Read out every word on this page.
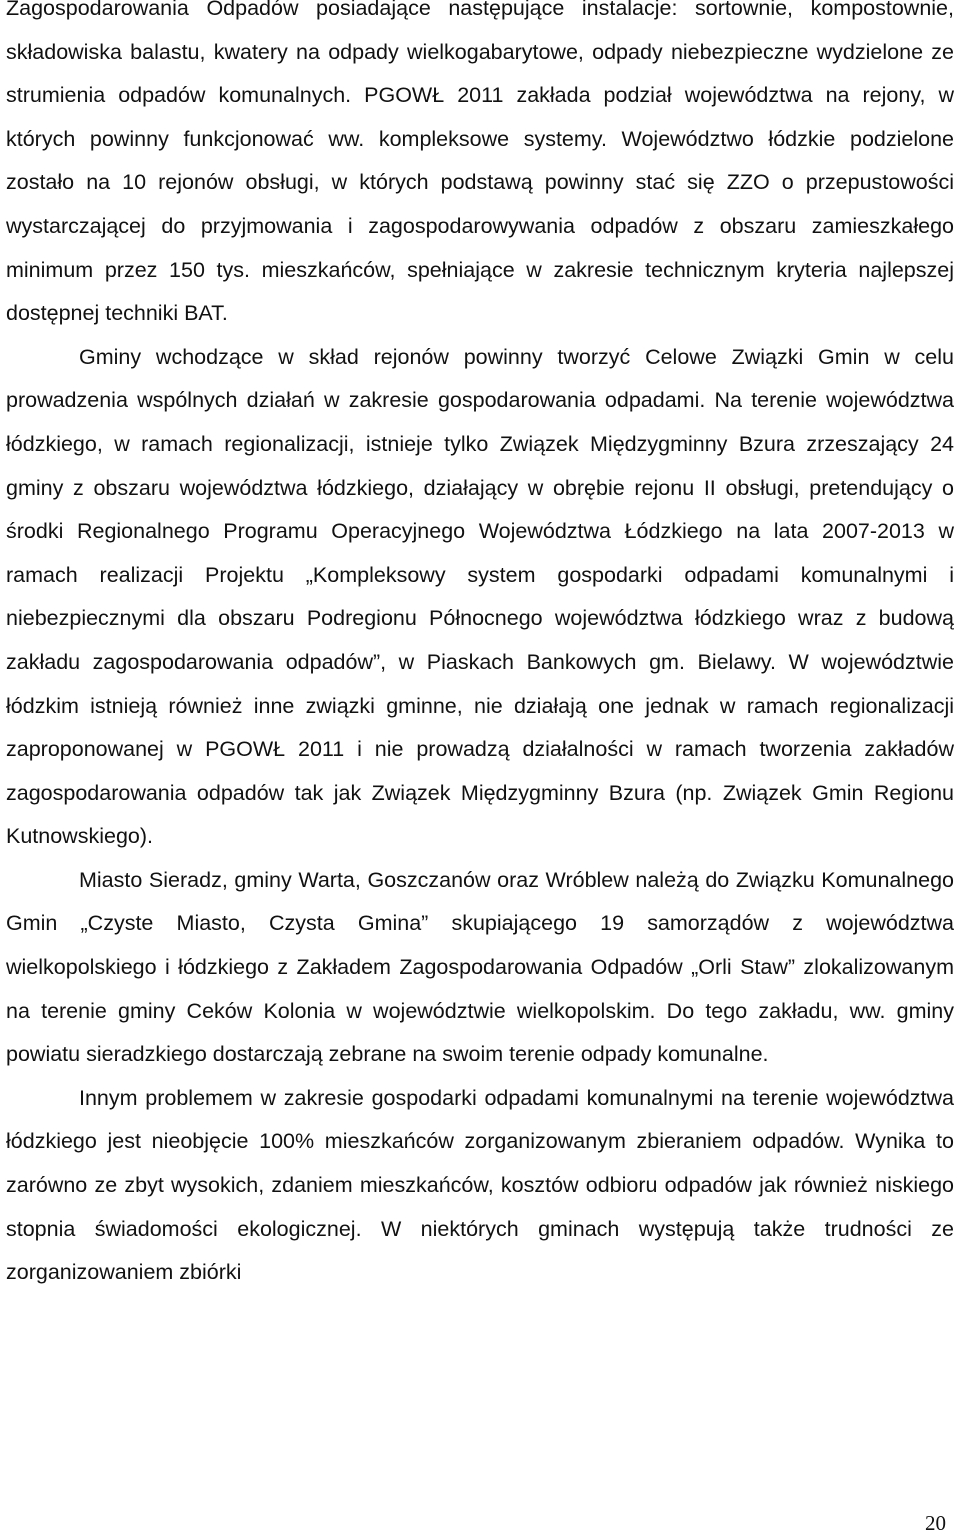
Zagospodarowania Odpadów posiadające następujące instalacje: sortownie, kompostownie, składowiska balastu, kwatery na odpady wielkogabarytowe, odpady niebezpieczne wydzielone ze strumienia odpadów komunalnych. PGOWŁ 2011 zakłada podział województwa na rejony, w których powinny funkcjonować ww. kompleksowe systemy. Województwo łódzkie podzielone zostało na 10 rejonów obsługi, w których podstawą powinny stać się ZZO o przepustowości wystarczającej do przyjmowania i zagospodarowywania odpadów z obszaru zamieszkałego minimum przez 150 tys. mieszkańców, spełniające w zakresie technicznym kryteria najlepszej dostępnej techniki BAT.

Gminy wchodzące w skład rejonów powinny tworzyć Celowe Związki Gmin w celu prowadzenia wspólnych działań w zakresie gospodarowania odpadami. Na terenie województwa łódzkiego, w ramach regionalizacji, istnieje tylko Związek Międzygminny Bzura zrzeszający 24 gminy z obszaru województwa łódzkiego, działający w obrębie rejonu II obsługi, pretendujący o środki Regionalnego Programu Operacyjnego Województwa Łódzkiego na lata 2007-2013 w ramach realizacji Projektu „Kompleksowy system gospodarki odpadami komunalnymi i niebezpiecznymi dla obszaru Podregionu Północnego województwa łódzkiego wraz z budową zakładu zagospodarowania odpadów”, w Piaskach Bankowych gm. Bielawy. W województwie łódzkim istnieją również inne związki gminne, nie działają one jednak w ramach regionalizacji zaproponowanej w PGOWŁ 2011 i nie prowadzą działalności w ramach tworzenia zakładów zagospodarowania odpadów tak jak Związek Międzygminny Bzura (np. Związek Gmin Regionu Kutnowskiego).

Miasto Sieradz, gminy Warta, Goszczanów oraz Wróblew należą do Związku Komunalnego Gmin „Czyste Miasto, Czysta Gmina” skupiającego 19 samorządów z województwa wielkopolskiego i łódzkiego z Zakładem Zagospodarowania Odpadów „Orli Staw” zlokalizowanym na terenie gminy Ceków Kolonia w województwie wielkopolskim. Do tego zakładu, ww. gminy powiatu sieradzkiego dostarczają zebrane na swoim terenie odpady komunalne.

Innym problemem w zakresie gospodarki odpadami komunalnymi na terenie województwa łódzkiego jest nieobjęcie 100% mieszkańców zorganizowanym zbieraniem odpadów. Wynika to zarówno ze zbyt wysokich, zdaniem mieszkańców, kosztów odbioru odpadów jak również niskiego stopnia świadomości ekologicznej. W niektórych gminach występują także trudności ze zorganizowaniem zbiórki

20
